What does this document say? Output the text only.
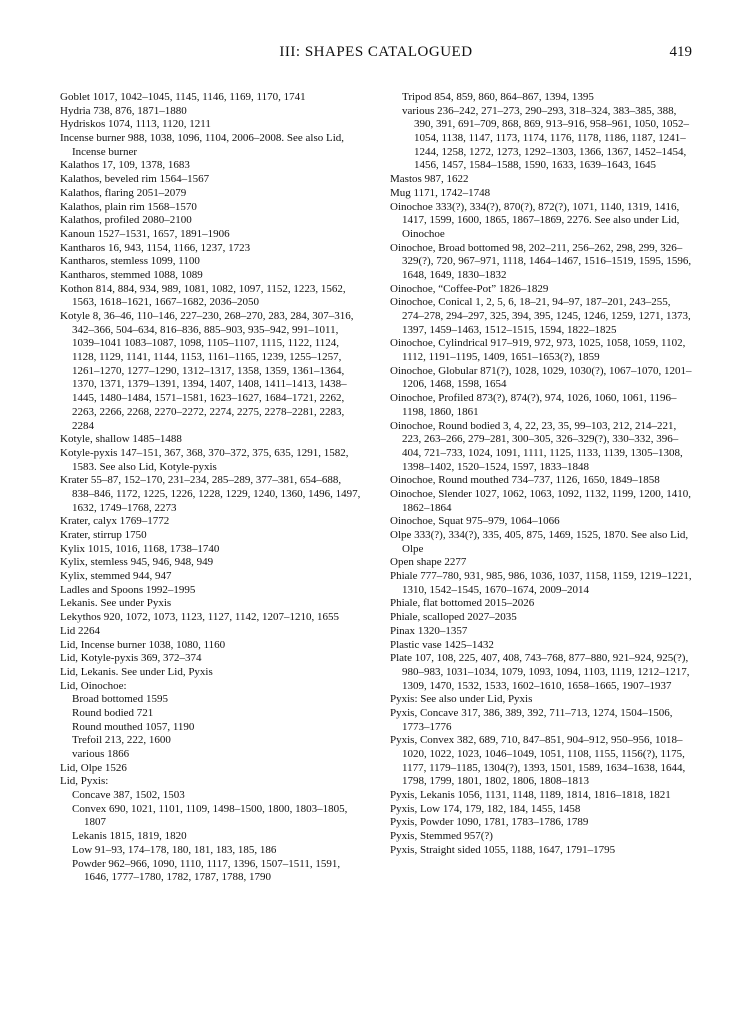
III: SHAPES CATALOGUED	419

Goblet 1017, 1042–1045, 1145, 1146, 1169, 1170, 1741

Hydria 738, 876, 1871–1880

Hydriskos 1074, 1113, 1120, 1211

Incense burner 988, 1038, 1096, 1104, 2006–2008. See also Lid, Incense burner

Kalathos 17, 109, 1378, 1683

Kalathos, beveled rim 1564–1567

Kalathos, flaring 2051–2079

Kalathos, plain rim 1568–1570

Kalathos, profiled 2080–2100

Kanoun 1527–1531, 1657, 1891–1906

Kantharos 16, 943, 1154, 1166, 1237, 1723

Kantharos, stemless 1099, 1100

Kantharos, stemmed 1088, 1089

Kothon 814, 884, 934, 989, 1081, 1082, 1097, 1152, 1223, 1562, 1563, 1618–1621, 1667–1682, 2036–2050

Kotyle 8, 36–46, 110–146, 227–230, 268–270, 283, 284, 307–316, 342–366, 504–634, 816–836, 885–903, 935–942, 991–1011, 1039–1041 1083–1087, 1098, 1105–1107, 1115, 1122, 1124, 1128, 1129, 1141, 1144, 1153, 1161–1165, 1239, 1255–1257, 1261–1270, 1277–1290, 1312–1317, 1358, 1359, 1361–1364, 1370, 1371, 1379–1391, 1394, 1407, 1408, 1411–1413, 1438–1445, 1480–1484, 1571–1581, 1623–1627, 1684–1721, 2262, 2263, 2266, 2268, 2270–2272, 2274, 2275, 2278–2281, 2283, 2284

Kotyle, shallow 1485–1488

Kotyle-pyxis 147–151, 367, 368, 370–372, 375, 635, 1291, 1582, 1583. See also Lid, Kotyle-pyxis

Krater 55–87, 152–170, 231–234, 285–289, 377–381, 654–688, 838–846, 1172, 1225, 1226, 1228, 1229, 1240, 1360, 1496, 1497, 1632, 1749–1768, 2273

Krater, calyx 1769–1772

Krater, stirrup 1750

Kylix 1015, 1016, 1168, 1738–1740

Kylix, stemless 945, 946, 948, 949

Kylix, stemmed 944, 947

Ladles and Spoons 1992–1995

Lekanis. See under Pyxis

Lekythos 920, 1072, 1073, 1123, 1127, 1142, 1207–1210, 1655

Lid 2264

Lid, Incense burner 1038, 1080, 1160

Lid, Kotyle-pyxis 369, 372–374

Lid, Lekanis. See under Lid, Pyxis

Lid, Oinochoe:

Broad bottomed 1595

Round bodied 721

Round mouthed 1057, 1190

Trefoil 213, 222, 1600

various 1866

Lid, Olpe 1526

Lid, Pyxis:

Concave 387, 1502, 1503

Convex 690, 1021, 1101, 1109, 1498–1500, 1800, 1803–1805, 1807

Lekanis 1815, 1819, 1820

Low 91–93, 174–178, 180, 181, 183, 185, 186

Powder 962–966, 1090, 1110, 1117, 1396, 1507–1511, 1591, 1646, 1777–1780, 1782, 1787, 1788, 1790

Tripod 854, 859, 860, 864–867, 1394, 1395

various 236–242, 271–273, 290–293, 318–324, 383–385, 388, 390, 391, 691–709, 868, 869, 913–916, 958–961, 1050, 1052–1054, 1138, 1147, 1173, 1174, 1176, 1178, 1186, 1187, 1241–1244, 1258, 1272, 1273, 1292–1303, 1366, 1367, 1452–1454, 1456, 1457, 1584–1588, 1590, 1633, 1639–1643, 1645

Mastos 987, 1622

Mug 1171, 1742–1748

Oinochoe 333(?), 334(?), 870(?), 872(?), 1071, 1140, 1319, 1416, 1417, 1599, 1600, 1865, 1867–1869, 2276. See also under Lid, Oinochoe

Oinochoe, Broad bottomed 98, 202–211, 256–262, 298, 299, 326–329(?), 720, 967–971, 1118, 1464–1467, 1516–1519, 1595, 1596, 1648, 1649, 1830–1832

Oinochoe, “Coffee-Pot” 1826–1829

Oinochoe, Conical 1, 2, 5, 6, 18–21, 94–97, 187–201, 243–255, 274–278, 294–297, 325, 394, 395, 1245, 1246, 1259, 1271, 1373, 1397, 1459–1463, 1512–1515, 1594, 1822–1825

Oinochoe, Cylindrical 917–919, 972, 973, 1025, 1058, 1059, 1102, 1112, 1191–1195, 1409, 1651–1653(?), 1859

Oinochoe, Globular 871(?), 1028, 1029, 1030(?), 1067–1070, 1201–1206, 1468, 1598, 1654

Oinochoe, Profiled 873(?), 874(?), 974, 1026, 1060, 1061, 1196–1198, 1860, 1861

Oinochoe, Round bodied 3, 4, 22, 23, 35, 99–103, 212, 214–221, 223, 263–266, 279–281, 300–305, 326–329(?), 330–332, 396–404, 721–733, 1024, 1091, 1111, 1125, 1133, 1139, 1305–1308, 1398–1402, 1520–1524, 1597, 1833–1848

Oinochoe, Round mouthed 734–737, 1126, 1650, 1849–1858

Oinochoe, Slender 1027, 1062, 1063, 1092, 1132, 1199, 1200, 1410, 1862–1864

Oinochoe, Squat 975–979, 1064–1066

Olpe 333(?), 334(?), 335, 405, 875, 1469, 1525, 1870. See also Lid, Olpe

Open shape 2277

Phiale 777–780, 931, 985, 986, 1036, 1037, 1158, 1159, 1219–1221, 1310, 1542–1545, 1670–1674, 2009–2014

Phiale, flat bottomed 2015–2026

Phiale, scalloped 2027–2035

Pinax 1320–1357

Plastic vase 1425–1432

Plate 107, 108, 225, 407, 408, 743–768, 877–880, 921–924, 925(?), 980–983, 1031–1034, 1079, 1093, 1094, 1103, 1119, 1212–1217, 1309, 1470, 1532, 1533, 1602–1610, 1658–1665, 1907–1937

Pyxis: See also under Lid, Pyxis

Pyxis, Concave 317, 386, 389, 392, 711–713, 1274, 1504–1506, 1773–1776

Pyxis, Convex 382, 689, 710, 847–851, 904–912, 950–956, 1018–1020, 1022, 1023, 1046–1049, 1051, 1108, 1155, 1156(?), 1175, 1177, 1179–1185, 1304(?), 1393, 1501, 1589, 1634–1638, 1644, 1798, 1799, 1801, 1802, 1806, 1808–1813

Pyxis, Lekanis 1056, 1131, 1148, 1189, 1814, 1816–1818, 1821

Pyxis, Low 174, 179, 182, 184, 1455, 1458

Pyxis, Powder 1090, 1781, 1783–1786, 1789

Pyxis, Stemmed 957(?)

Pyxis, Straight sided 1055, 1188, 1647, 1791–1795
